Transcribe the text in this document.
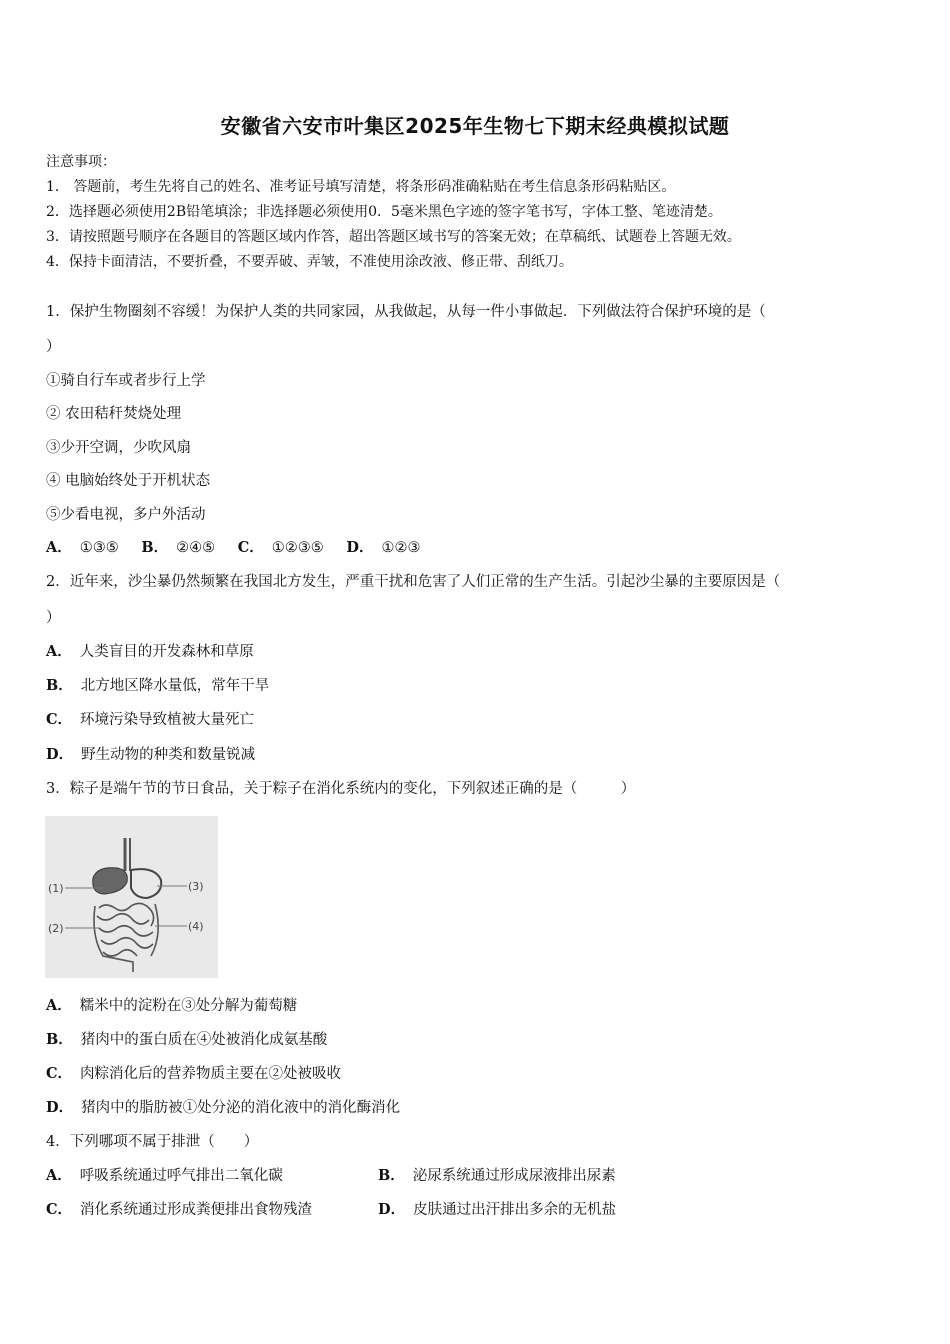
安徽省六安市叶集区2025年生物七下期末经典模拟试题
注意事项：
1． 答题前，考生先将自己的姓名、准考证号填写清楚，将条形码准确粘贴在考生信息条形码粘贴区。
2．选择题必须使用2B铅笔填涂；非选择题必须使用0．5毫米黑色字迹的签字笔书写，字体工整、笔迹清楚。
3．请按照题号顺序在各题目的答题区域内作答，超出答题区域书写的答案无效；在草稿纸、试题卷上答题无效。
4．保持卡面清洁，不要折叠，不要弄破、弄皱，不准使用涂改液、修正带、刮纸刀。
1．保护生物圈刻不容缓！为保护人类的共同家园，从我做起，从每一件小事做起．下列做法符合保护环境的是（
）
①骑自行车或者步行上学
② 农田秸秆焚烧处理
③少开空调，少吹风扇
④ 电脑始终处于开机状态
⑤少看电视，多户外活动
A． ①③⑤ B． ②④⑤ C． ①②③⑤ D． ①②③
2．近年来，沙尘暴仍然频繁在我国北方发生，严重干扰和危害了人们正常的生产生活。引起沙尘暴的主要原因是（
）
A． 人类盲目的开发森林和草原
B． 北方地区降水量低，常年干旱
C． 环境污染导致植被大量死亡
D． 野生动物的种类和数量锐减
3．粽子是端午节的节日食品，关于粽子在消化系统内的变化，下列叙述正确的是（　　　）
(1)
(2)
(3)
(4)
A． 糯米中的淀粉在③处分解为葡萄糖
B． 猪肉中的蛋白质在④处被消化成氨基酸
C． 肉粽消化后的营养物质主要在②处被吸收
D． 猪肉中的脂肪被①处分泌的消化液中的消化酶消化
4．下列哪项不属于排泄（　　）
A． 呼吸系统通过呼气排出二氧化碳	B． 泌尿系统通过形成尿液排出尿素
C． 消化系统通过形成粪便排出食物残渣	D． 皮肤通过出汗排出多余的无机盐
